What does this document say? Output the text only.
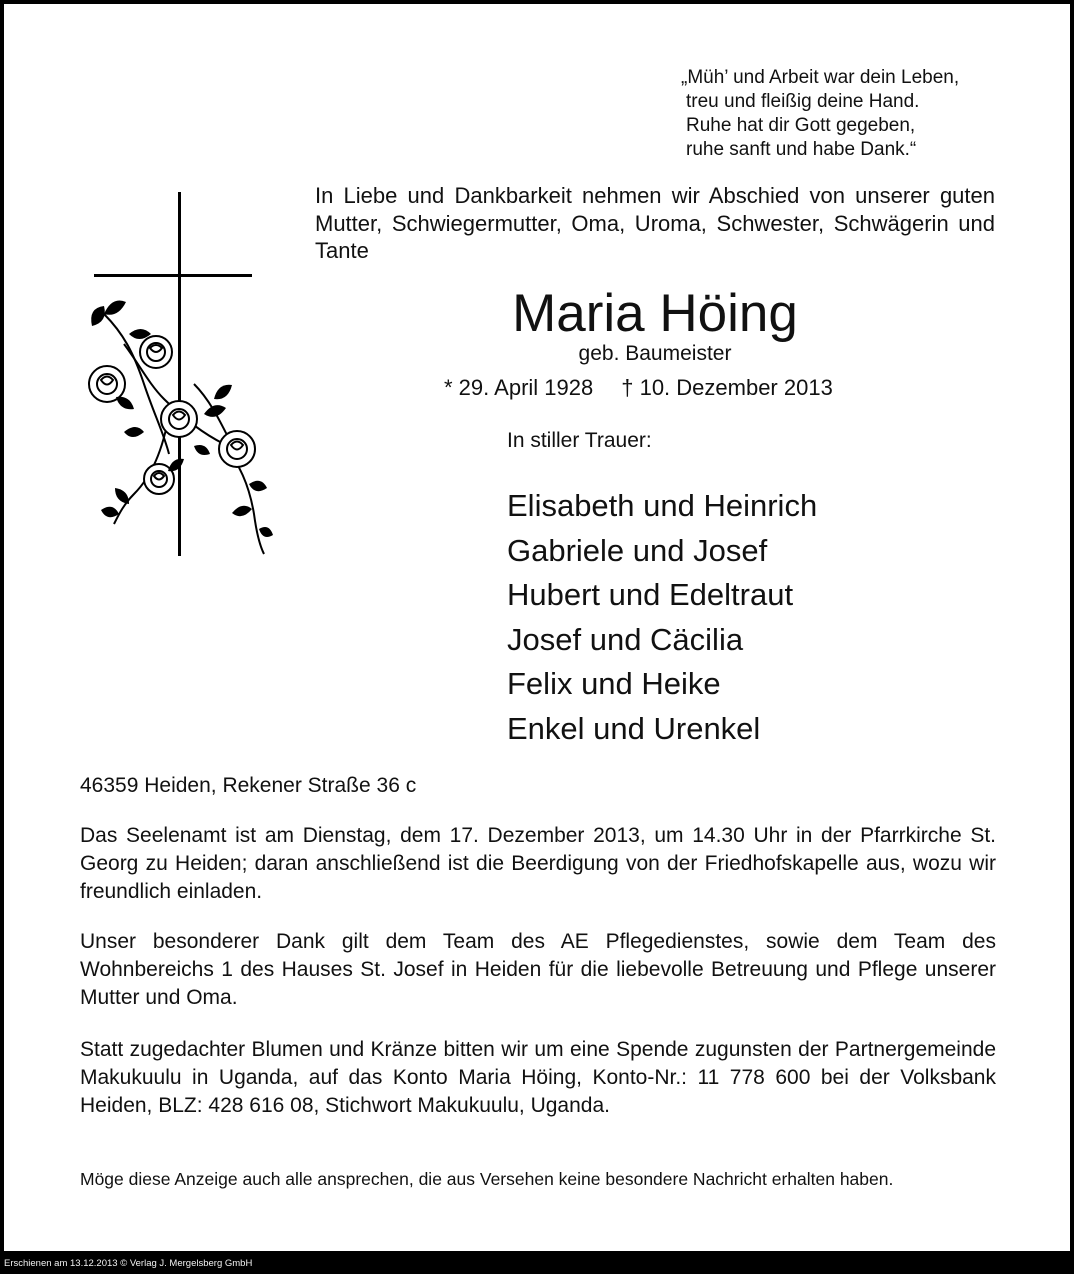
„Müh’ und Arbeit war dein Leben,
treu und fleißig deine Hand.
Ruhe hat dir Gott gegeben,
ruhe sanft und habe Dank.“
In Liebe und Dankbarkeit nehmen wir Abschied von unserer guten Mutter, Schwiegermutter, Oma, Uroma, Schwester, Schwägerin und Tante
Maria Höing
geb. Baumeister
* 29. April 1928 † 10. Dezember 2013
In stiller Trauer:
Elisabeth und Heinrich
Gabriele und Josef
Hubert und Edeltraut
Josef und Cäcilia
Felix und Heike
Enkel und Urenkel
46359 Heiden, Rekener Straße 36 c
Das Seelenamt ist am Dienstag, dem 17. Dezember 2013, um 14.30 Uhr in der Pfarrkirche St. Georg zu Heiden; daran anschließend ist die Beerdigung von der Friedhofskapelle aus, wozu wir freundlich einladen.
Unser besonderer Dank gilt dem Team des AE Pflegedienstes, sowie dem Team des Wohnbereichs 1 des Hauses St. Josef in Heiden für die liebevolle Betreuung und Pflege unserer Mutter und Oma.
Statt zugedachter Blumen und Kränze bitten wir um eine Spende zugunsten der Partnergemeinde Makukuulu in Uganda, auf das Konto Maria Höing, Konto-Nr.: 11 778 600 bei der Volksbank Heiden, BLZ: 428 616 08, Stichwort Makukuulu, Uganda.
Möge diese Anzeige auch alle ansprechen, die aus Versehen keine besondere Nachricht erhalten haben.
Erschienen am 13.12.2013 © Verlag J. Mergelsberg GmbH
